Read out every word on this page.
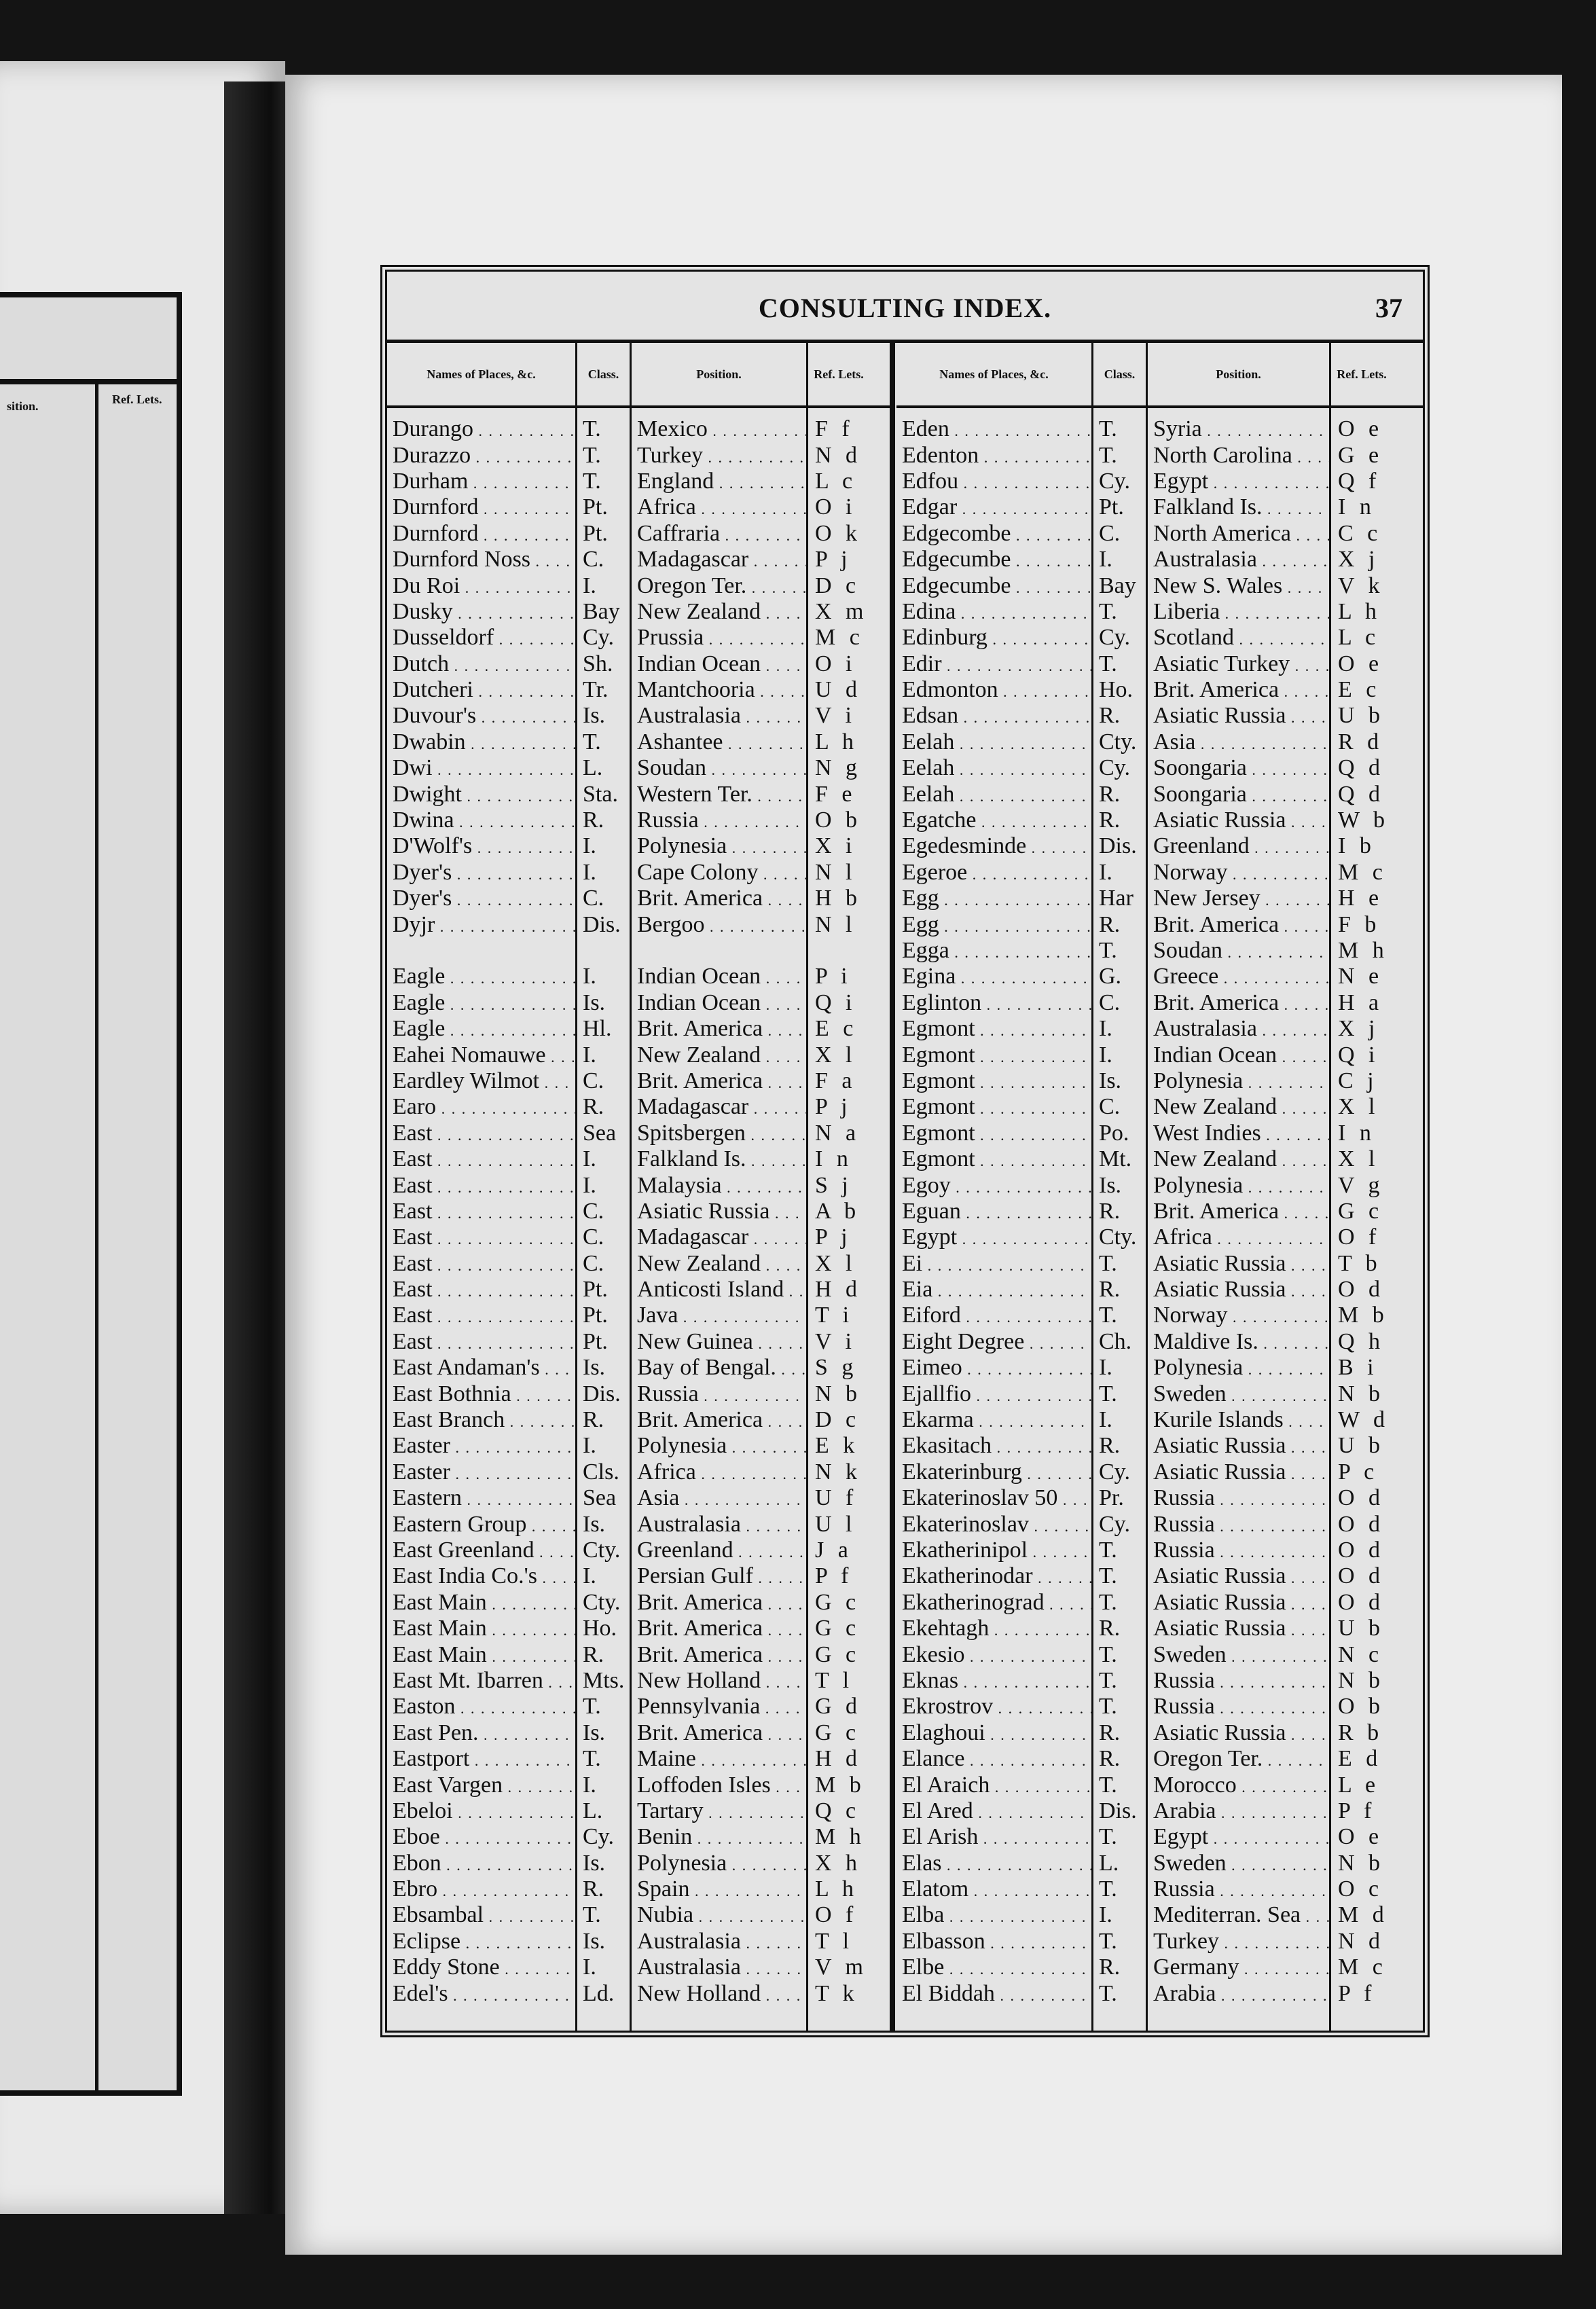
sition.	Ref. Lets.
CONSULTING INDEX.	37
Names of Places, &c.	Class.	Position.	Ref. Lets.
Durango . . .	T.	Mexico . . .	F f
Durazzo . . .	T.	Turkey . . .	N d
Durham . . .	T.	England . . .	L c
Durnford . . .	Pt.	Africa . . .	O i
Durnford . . .	Pt.	Caffraria . . .	O k
Durnford Noss . . .	C.	Madagascar . . .	P j
Du Roi . . .	I.	Oregon Ter. . . .	D c
Dusky . . .	Bay New Zealand . . .	X m
Dusseldorf . . .	Cy.	Prussia . . .	M c
Dutch . . .	Sh.	Indian Ocean . . .	O i
Dutcheri . . .	Tr.	Mantchooria . . .	U d
Duvour's . . .	Is.	Australasia . . .	V i
Dwabin . . .	T.	Ashantee . . .	L h
Dwi . . .	L.	Soudan . . .	N g
Dwight . . .	Sta. Western Ter. . . .	F e
Dwina . . .	R.	Russia . . .	O b
D'Wolf's . . .	I.	Polynesia . . .	X i
Dyer's . . .	I.	Cape Colony . . .	N l
Dyer's . . .	C.	Brit. America . . .	H b
Dyjr . . .	Dis. Bergoo . . .	N l
Eagle . . .	I.	Indian Ocean . . .	P i
Eagle . . .	Is.	Indian Ocean . . .	Q i
Eagle . . .	Hl.	Brit. America . . .	E c
Eahei Nomauwe . . .	I.	New Zealand . . .	X l
Eardley Wilmot . . .	C.	Brit. America . . .	F a
Earo . . .	R.	Madagascar . . .	P j
East . . .	Sea Spitsbergen . . .	N a
East . . .	I.	Falkland Is. . . .	I n
East . . .	I.	Malaysia . . .	S j
East . . .	C.	Asiatic Russia . . .	A b
East . . .	C.	Madagascar . . .	P j
East . . .	C.	New Zealand . . .	X l
East . . .	Pt.	Anticosti Island . . .	H d
East . . .	Pt.	Java . . .	T i
East . . .	Pt.	New Guinea . . .	V i
East Andaman's . . .	Is.	Bay of Bengal. . . .	S g
East Bothnia . . .	Dis. Russia . . .	N b
East Branch . . .	R.	Brit. America . . .	D c
Easter . . .	I.	Polynesia . . .	E k
Easter . . .	Cls. Africa . . .	N k
Eastern . . .	Sea Asia . . .	U f
Eastern Group . . .	Is.	Australasia . . .	U l
East Greenland . . .	Cty. Greenland . . .	J a
East India Co.'s . . .	I.	Persian Gulf . . .	P f
East Main . . .	Cty. Brit. America . . .	G c
East Main . . .	Ho. Brit. America . . .	G c
East Main . . .	R.	Brit. America . . .	G c
East Mt. Ibarren . . .	Mts. New Holland . . .	T l
Easton . . .	T.	Pennsylvania . . .	G d
East Pen. . . .	Is.	Brit. America . . .	G c
Eastport . . .	T.	Maine . . .	H d
East Vargen . . .	I.	Loffoden Isles . . .	M b
Ebeloi . . .	L.	Tartary . . .	Q c
Eboe . . .	Cy.	Benin . . .	M h
Ebon . . .	Is.	Polynesia . . .	X h
Ebro . . .	R.	Spain . . .	L h
Ebsambal . . .	T.	Nubia . . .	O f
Eclipse . . .	Is.	Australasia . . .	T l
Eddy Stone . . .	I.	Australasia . . .	V m
Edel's . . .	Ld. New Holland . . .	T k
Names of Places, &c.	Class.	Position.	Ref. Lets.
Eden . . .	T.	Syria . . .	O e
Edenton . . .	T.	North Carolina . . .	G e
Edfou . . .	Cy.	Egypt . . .	Q f
Edgar . . .	Pt.	Falkland Is. . . .	I n
Edgecombe . . .	C.	North America . . .	C c
Edgecumbe . . .	I.	Australasia . . .	X j
Edgecumbe . . .	Bay New S. Wales . . .	V k
Edina . . .	T.	Liberia . . .	L h
Edinburg . . .	Cy.	Scotland . . .	L c
Edir . . .	T.	Asiatic Turkey . . .	O e
Edmonton . . .	Ho. Brit. America . . .	E c
Edsan . . .	R.	Asiatic Russia . . .	U b
Eelah . . .	Cty. Asia . . .	R d
Eelah . . .	Cy.	Soongaria . . .	Q d
Eelah . . .	R.	Soongaria . . .	Q d
Egatche . . .	R.	Asiatic Russia . . .	W b
Egedesminde . . .	Dis. Greenland . . .	I b
Egeroe . . .	I.	Norway . . .	M c
Egg . . .	Har New Jersey . . .	H e
Egg . . .	R.	Brit. America . . .	F b
Egga . . .	T.	Soudan . . .	M h
Egina . . .	G.	Greece . . .	N e
Eglinton . . .	C.	Brit. America . . .	H a
Egmont . . .	I.	Australasia . . .	X j
Egmont . . .	I.	Indian Ocean . . .	Q i
Egmont . . .	Is.	Polynesia . . .	C j
Egmont . . .	C.	New Zealand . . .	X l
Egmont . . .	Po.	West Indies . . .	I n
Egmont . . .	Mt. New Zealand . . .	X l
Egoy . . .	Is.	Polynesia . . .	V g
Eguan . . .	R.	Brit. America . . .	G c
Egypt . . .	Cty. Africa . . .	O f
Ei . . .	T.	Asiatic Russia . . .	T b
Eia . . .	R.	Asiatic Russia . . .	O d
Eiford . . .	T.	Norway . . .	M b
Eight Degree . . .	Ch. Maldive Is. . . .	Q h
Eimeo . . .	I.	Polynesia . . .	B i
Ejallfio . . .	T.	Sweden . . .	N b
Ekarma . . .	I.	Kurile Islands . . .	W d
Ekasitach . . .	R.	Asiatic Russia . . .	U b
Ekaterinburg . . .	Cy.	Asiatic Russia . . .	P c
Ekaterinoslav 50 . . .	Pr.	Russia . . .	O d
Ekaterinoslav . . .	Cy.	Russia . . .	O d
Ekatherinipol . . .	T.	Russia . . .	O d
Ekatherinodar . . .	T.	Asiatic Russia . . .	O d
Ekatherinograd . . .	T.	Asiatic Russia . . .	O d
Ekehtagh . . .	R.	Asiatic Russia . . .	U b
Ekesio . . .	T.	Sweden . . .	N c
Eknas . . .	T.	Russia . . .	N b
Ekrostrov . . .	T.	Russia . . .	O b
Elaghoui . . .	R.	Asiatic Russia . . .	R b
Elance . . .	R.	Oregon Ter. . . .	E d
El Araich . . .	T.	Morocco . . .	L e
El Ared . . .	Dis. Arabia . . .	P f
El Arish . . .	T.	Egypt . . .	O e
Elas . . .	L.	Sweden . . .	N b
Elatom . . .	T.	Russia . . .	O c
Elba . . .	I.	Mediterran. Sea . . .	M d
Elbasson . . .	T.	Turkey . . .	N d
Elbe . . .	R.	Germany . . .	M c
El Biddah . . .	T.	Arabia . . .	P f
